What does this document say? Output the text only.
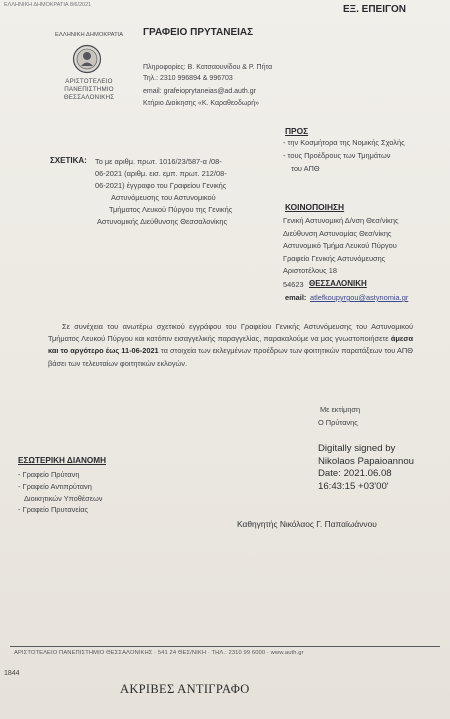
ΕΛΛΗΝΙΚΗ ΔΗΜΟΚΡΑΤΙΑ 8/6/2021
ΕΛΛΗΝΙΚΗ ΔΗΜΟΚΡΑΤΙΑ ΓΡΑΦΕΙΟ ΠΡΥΤΑΝΕΙΑΣ
ΕΞ. ΕΠΕΙΓΟΝ
ΑΡΙΣΤΟΤΕΛΕΙΟ
ΠΑΝΕΠΙΣΤΗΜΙΟ
ΘΕΣΣΑΛΟΝΙΚΗΣ
Πληροφορίες: Β. Κατσαουνίδου & Ρ. Πήτα
Τηλ.: 2310 996894 & 996703
email: grafeioprytaneias@ad.auth.gr
Κτήριο Διοίκησης «Κ. Καραθεοδωρή»
ΠΡΟΣ
- την Κοσμήτορα της Νομικής Σχολής
- τους Προέδρους των Τμημάτων
του ΑΠΘ
ΣΧΕΤΙΚΑ: Το με αριθμ. πρωτ. 1016/23/587-α /08-
06-2021 (αριθμ. εισ. εμπ. πρωτ. 212/08-
06-2021) έγγραφο του Γραφείου Γενικής
Αστυνόμευσης του Αστυνομικού
Τμήματος Λευκού Πύργου της Γενικής
Αστυνομικής Διεύθυνσης Θεσσαλονίκης
ΚΟΙΝΟΠΟΙΗΣΗ
Γενική Αστυνομική Δ/νση Θεσ/νίκης
Διεύθυνση Αστυνομίας Θεσ/νίκης
Αστυνομικό Τμήμα Λευκού Πύργου
Γραφείο Γενικής Αστυνόμευσης
Αριστοτέλους 18
54623 ΘΕΣΣΑΛΟΝΙΚΗ
email: atlefkoupyrgou@astynomia.gr

Σε συνέχεια του ανωτέρω σχετικού εγγράφου του Γραφείου Γενικής Αστυνόμευσης του Αστυνομικού Τμήματος Λευκού Πύργου και κατόπιν εισαγγελικής παραγγελίας, παρακαλούμε να μας γνωστοποιήσετε άμεσα και το αργότερο έως 11-06-2021 τα στοιχεία των εκλεγμένων προέδρων των φοιτητικών παρατάξεων του ΑΠΘ βάσει των τελευταίων φοιτητικών εκλογών.

Με εκτίμηση
Ο Πρύτανης
ΕΣΩΤΕΡΙΚΗ ΔΙΑΝΟΜΗ
- Γραφείο Πρύτανη
- Γραφείο Αντιπρύτανη
Διοικητικών Υποθέσεων
- Γραφείο Πρυτανείας
Digitally signed by
Nikolaos Papaioannou
Date: 2021.06.08
16:43:15 +03'00'
Καθηγητής Νικόλαος Γ. Παπαϊωάννου
ΑΡΙΣΤΟΤΕΛΕΙΟ ΠΑΝΕΠΙΣΤΗΜΙΟ ΘΕΣΣΑΛΟΝΙΚΗΣ · 541 24 ΘΕΣ/ΝΙΚΗ · ΤΗΛ.: 2310 99 6000 · www.auth.gr
1844
ΑΚΡΙΒΕΣ ΑΝΤΙΓΡΑΦΟ
